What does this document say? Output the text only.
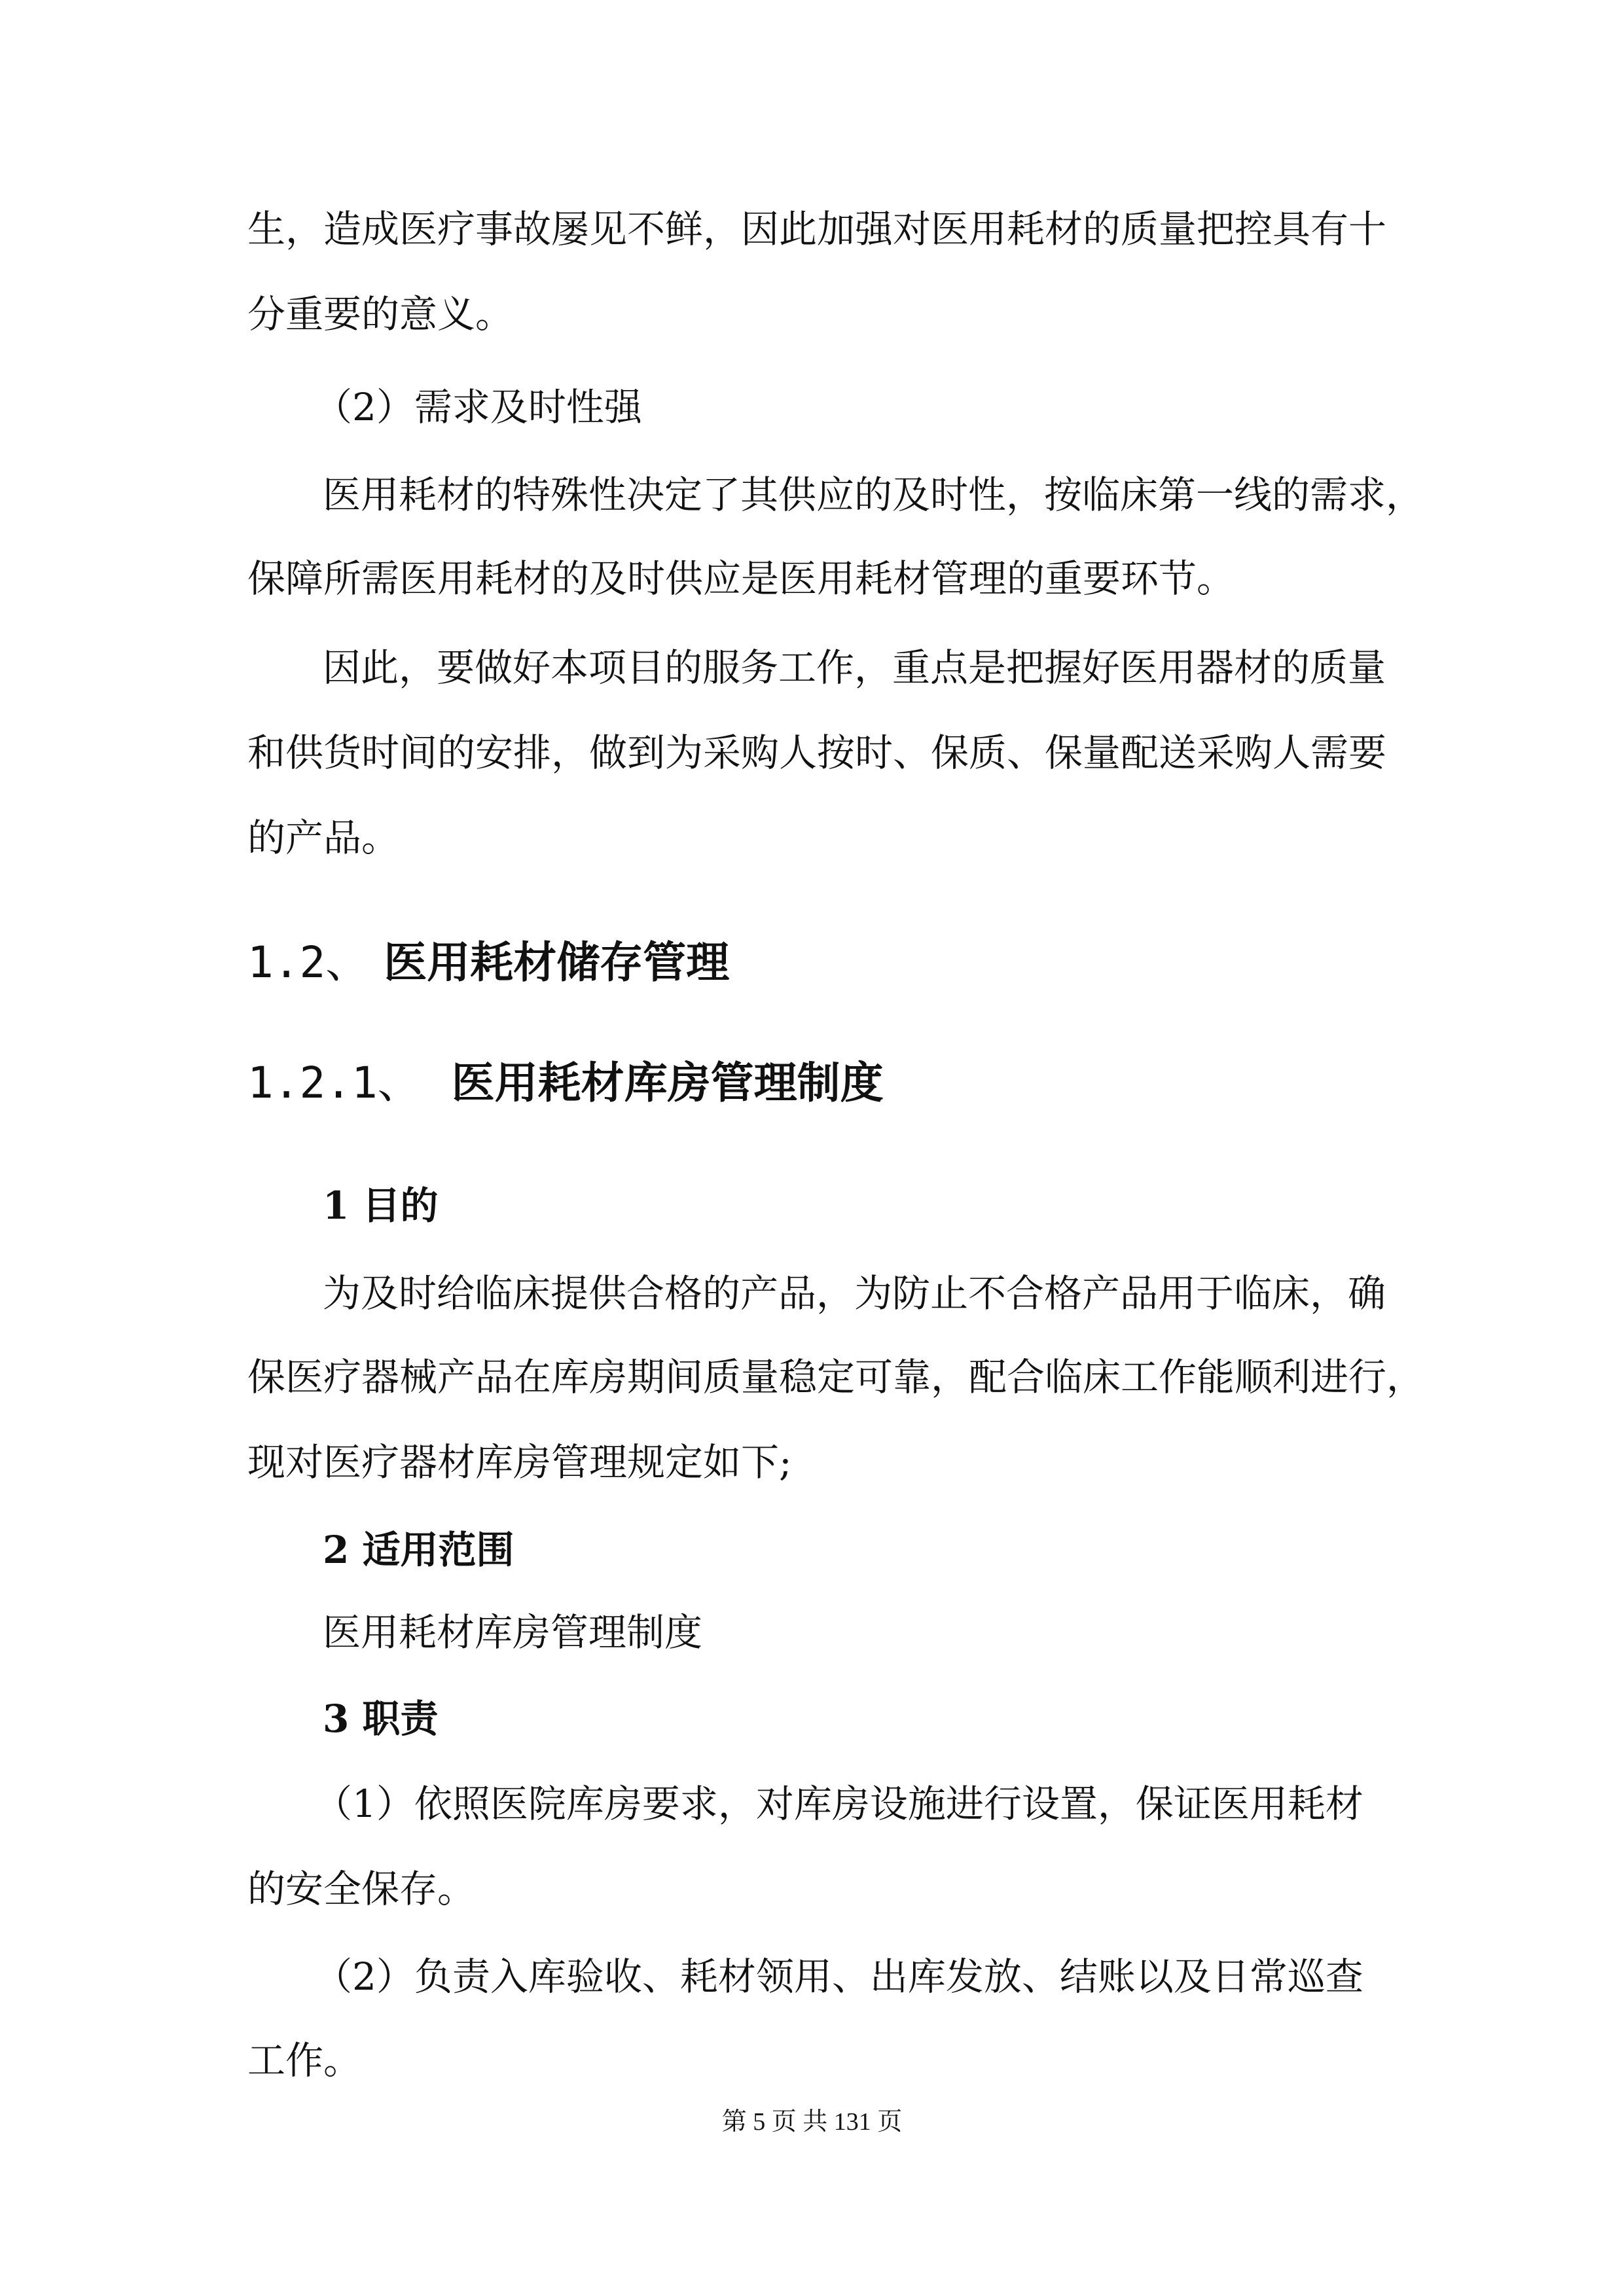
生，造成医疗事故屡见不鲜，因此加强对医用耗材的质量把控具有十
分重要的意义。
（2）需求及时性强
医用耗材的特殊性决定了其供应的及时性，按临床第一线的需求，
保障所需医用耗材的及时供应是医用耗材管理的重要环节。
因此，要做好本项目的服务工作，重点是把握好医用器材的质量
和供货时间的安排，做到为采购人按时、保质、保量配送采购人需要
的产品。
1.2、 医用耗材储存管理
1.2.1、 医用耗材库房管理制度
1 目的
为及时给临床提供合格的产品，为防止不合格产品用于临床，确
保医疗器械产品在库房期间质量稳定可靠，配合临床工作能顺利进行，
现对医疗器材库房管理规定如下;
2 适用范围
医用耗材库房管理制度
3 职责
（1）依照医院库房要求，对库房设施进行设置，保证医用耗材
的安全保存。
（2）负责入库验收、耗材领用、出库发放、结账以及日常巡查
工作。
第 5 页 共 131 页
